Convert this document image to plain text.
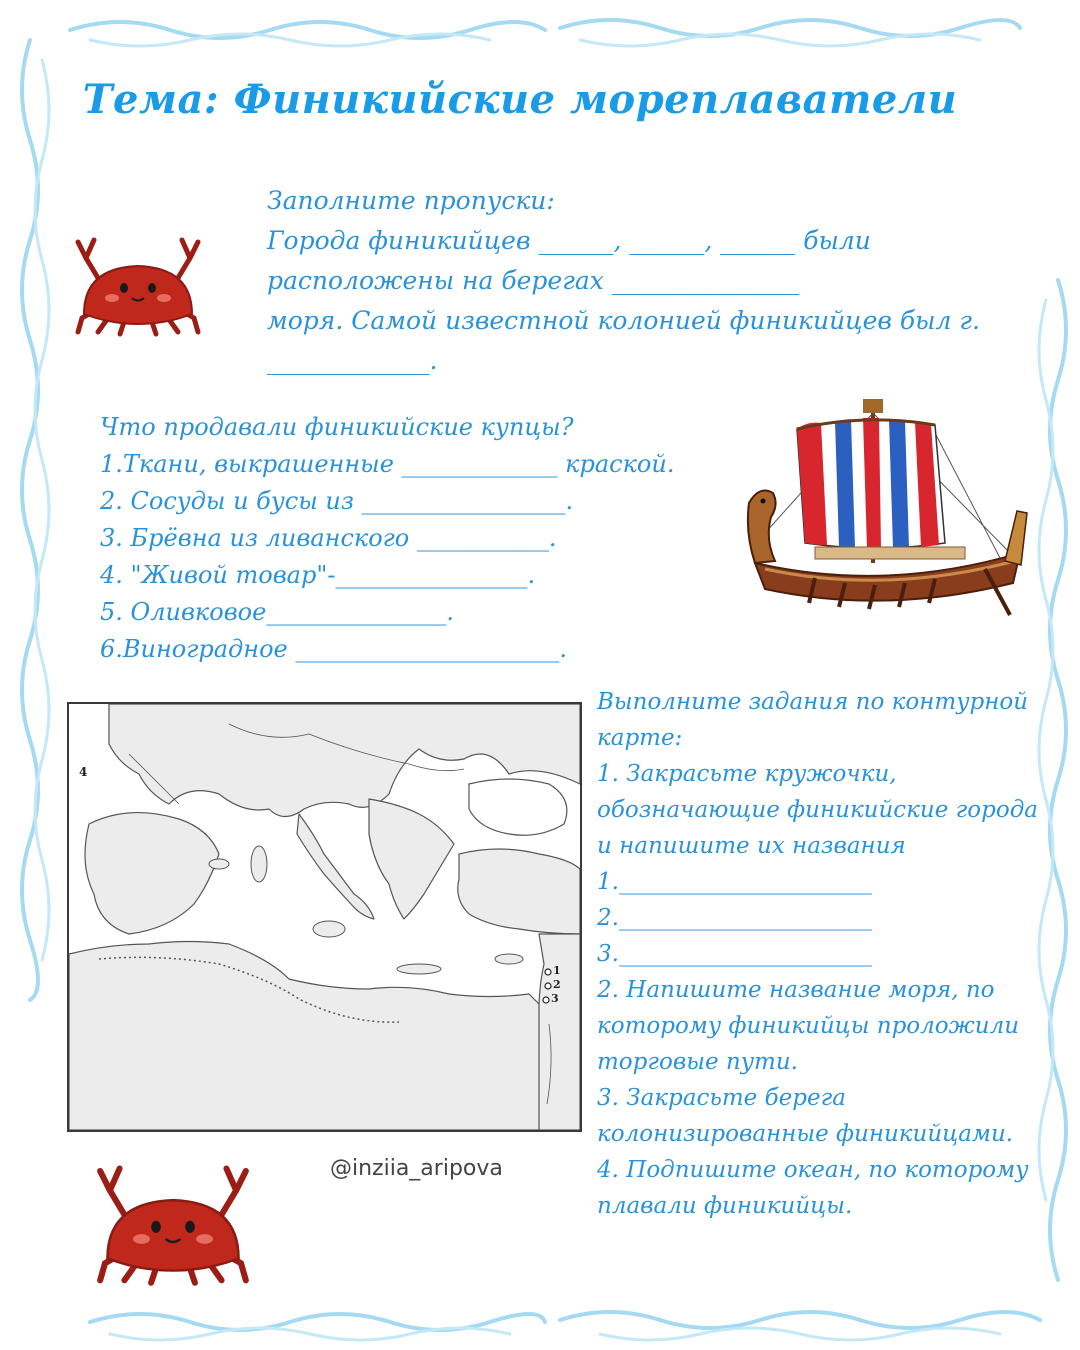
Тема: Финикийские мореплаватели
Заполните пропуски:
Города финикийцев ______, ______, ______ были
расположены на берегах _______________
моря. Самой известной колонией финикийцев был г.
_____________.
Что продавали финикийские купцы?
1.Ткани, выкрашенные _____________ краской.
2. Сосуды и бусы из _________________.
3. Брёвна из ливанского ___________.
4. "Живой товар"-________________.
5. Оливковое_______________.
6.Виноградное ______________________.
4
1
2
3
Выполните задания по контурной
карте:
1. Закрасьте кружочки,
обозначающие финикийские города
и напишите их названия
1.______________________
2.______________________
3.______________________
2. Напишите название моря, по
которому финикийцы проложили
торговые пути.
3. Закрасьте берега
колонизированные финикийцами.
4. Подпишите океан, по которому
плавали финикийцы.
@inziia_aripova
